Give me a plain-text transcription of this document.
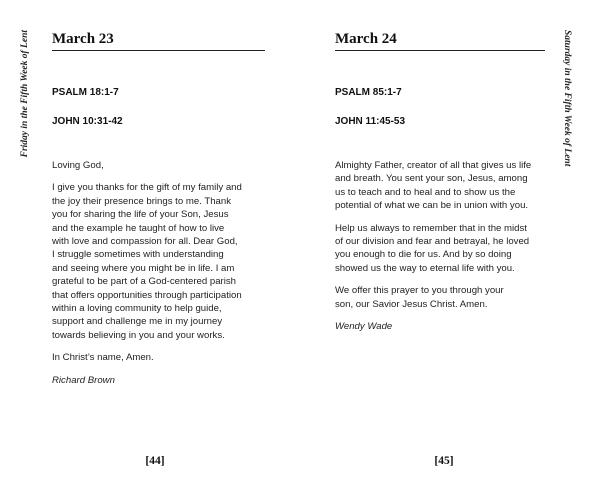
Friday in the Fifth Week of Lent March 23
PSALM 18:1-7
JOHN 10:31-42

Loving God,

I give you thanks for the gift of my family and
the joy their presence brings to me. Thank
you for sharing the life of your Son, Jesus
and the example he taught of how to live
with love and compassion for all. Dear God,
I struggle sometimes with understanding
and seeing where you might be in life. I am
grateful to be part of a God-centered parish
that offers opportunities through participation
within a loving community to help guide,
support and challenge me in my journey
towards believing in you and your works.

In Christ’s name, Amen.

Richard Brown

[44]
Saturday in the Fifth Week of Lent
March 24
PSALM 85:1-7
JOHN 11:45-53

Almighty Father, creator of all that gives us life
and breath. You sent your son, Jesus, among
us to teach and to heal and to show us the
potential of what we can be in union with you.

Help us always to remember that in the midst
of our division and fear and betrayal, he loved
you enough to die for us. And by so doing
showed us the way to eternal life with you.

We offer this prayer to you through your
son, our Savior Jesus Christ. Amen.

Wendy Wade

[45]
